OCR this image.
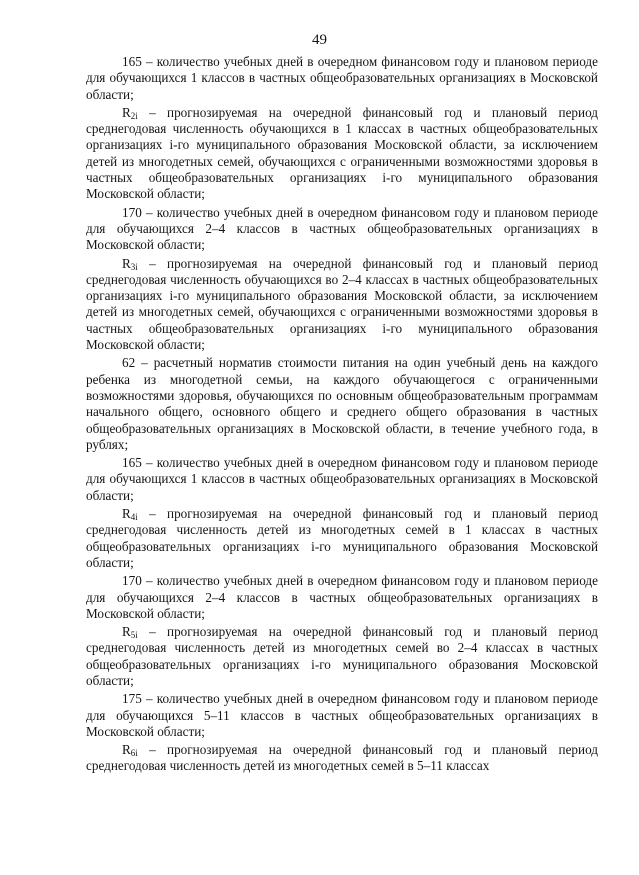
49

165 – количество учебных дней в очередном финансовом году и плановом периоде для обучающихся 1 классов в частных общеобразовательных организациях в Московской области;

$R_{2i}$ – прогнозируемая на очередной финансовый год и плановый период среднегодовая численность обучающихся в 1 классах в частных общеобразовательных организациях i-го муниципального образования Московской области, за исключением детей из многодетных семей, обучающихся с ограниченными возможностями здоровья в частных общеобразовательных организациях i-го муниципального образования Московской области;

170 – количество учебных дней в очередном финансовом году и плановом периоде для обучающихся 2–4 классов в частных общеобразовательных организациях в Московской области;

$R_{3i}$ – прогнозируемая на очередной финансовый год и плановый период среднегодовая численность обучающихся во 2–4 классах в частных общеобразовательных организациях i-го муниципального образования Московской области, за исключением детей из многодетных семей, обучающихся с ограниченными возможностями здоровья в частных общеобразовательных организациях i-го муниципального образования Московской области;

62 – расчетный норматив стоимости питания на один учебный день на каждого ребенка из многодетной семьи, на каждого обучающегося с ограниченными возможностями здоровья, обучающихся по основным общеобразовательным программам начального общего, основного общего и среднего общего образования в частных общеобразовательных организациях в Московской области, в течение учебного года, в рублях;

165 – количество учебных дней в очередном финансовом году и плановом периоде для обучающихся 1 классов в частных общеобразовательных организациях в Московской области;

$R_{4i}$ – прогнозируемая на очередной финансовый год и плановый период среднегодовая численность детей из многодетных семей в 1 классах в частных общеобразовательных организациях i-го муниципального образования Московской области;

170 – количество учебных дней в очередном финансовом году и плановом периоде для обучающихся 2–4 классов в частных общеобразовательных организациях в Московской области;

$R_{5i}$ – прогнозируемая на очередной финансовый год и плановый период среднегодовая численность детей из многодетных семей во 2–4 классах в частных общеобразовательных организациях i-го муниципального образования Московской области;

175 – количество учебных дней в очередном финансовом году и плановом периоде для обучающихся 5–11 классов в частных общеобразовательных организациях в Московской области;

$R_{6i}$ – прогнозируемая на очередной финансовый год и плановый период среднегодовая численность детей из многодетных семей в 5–11 классах
